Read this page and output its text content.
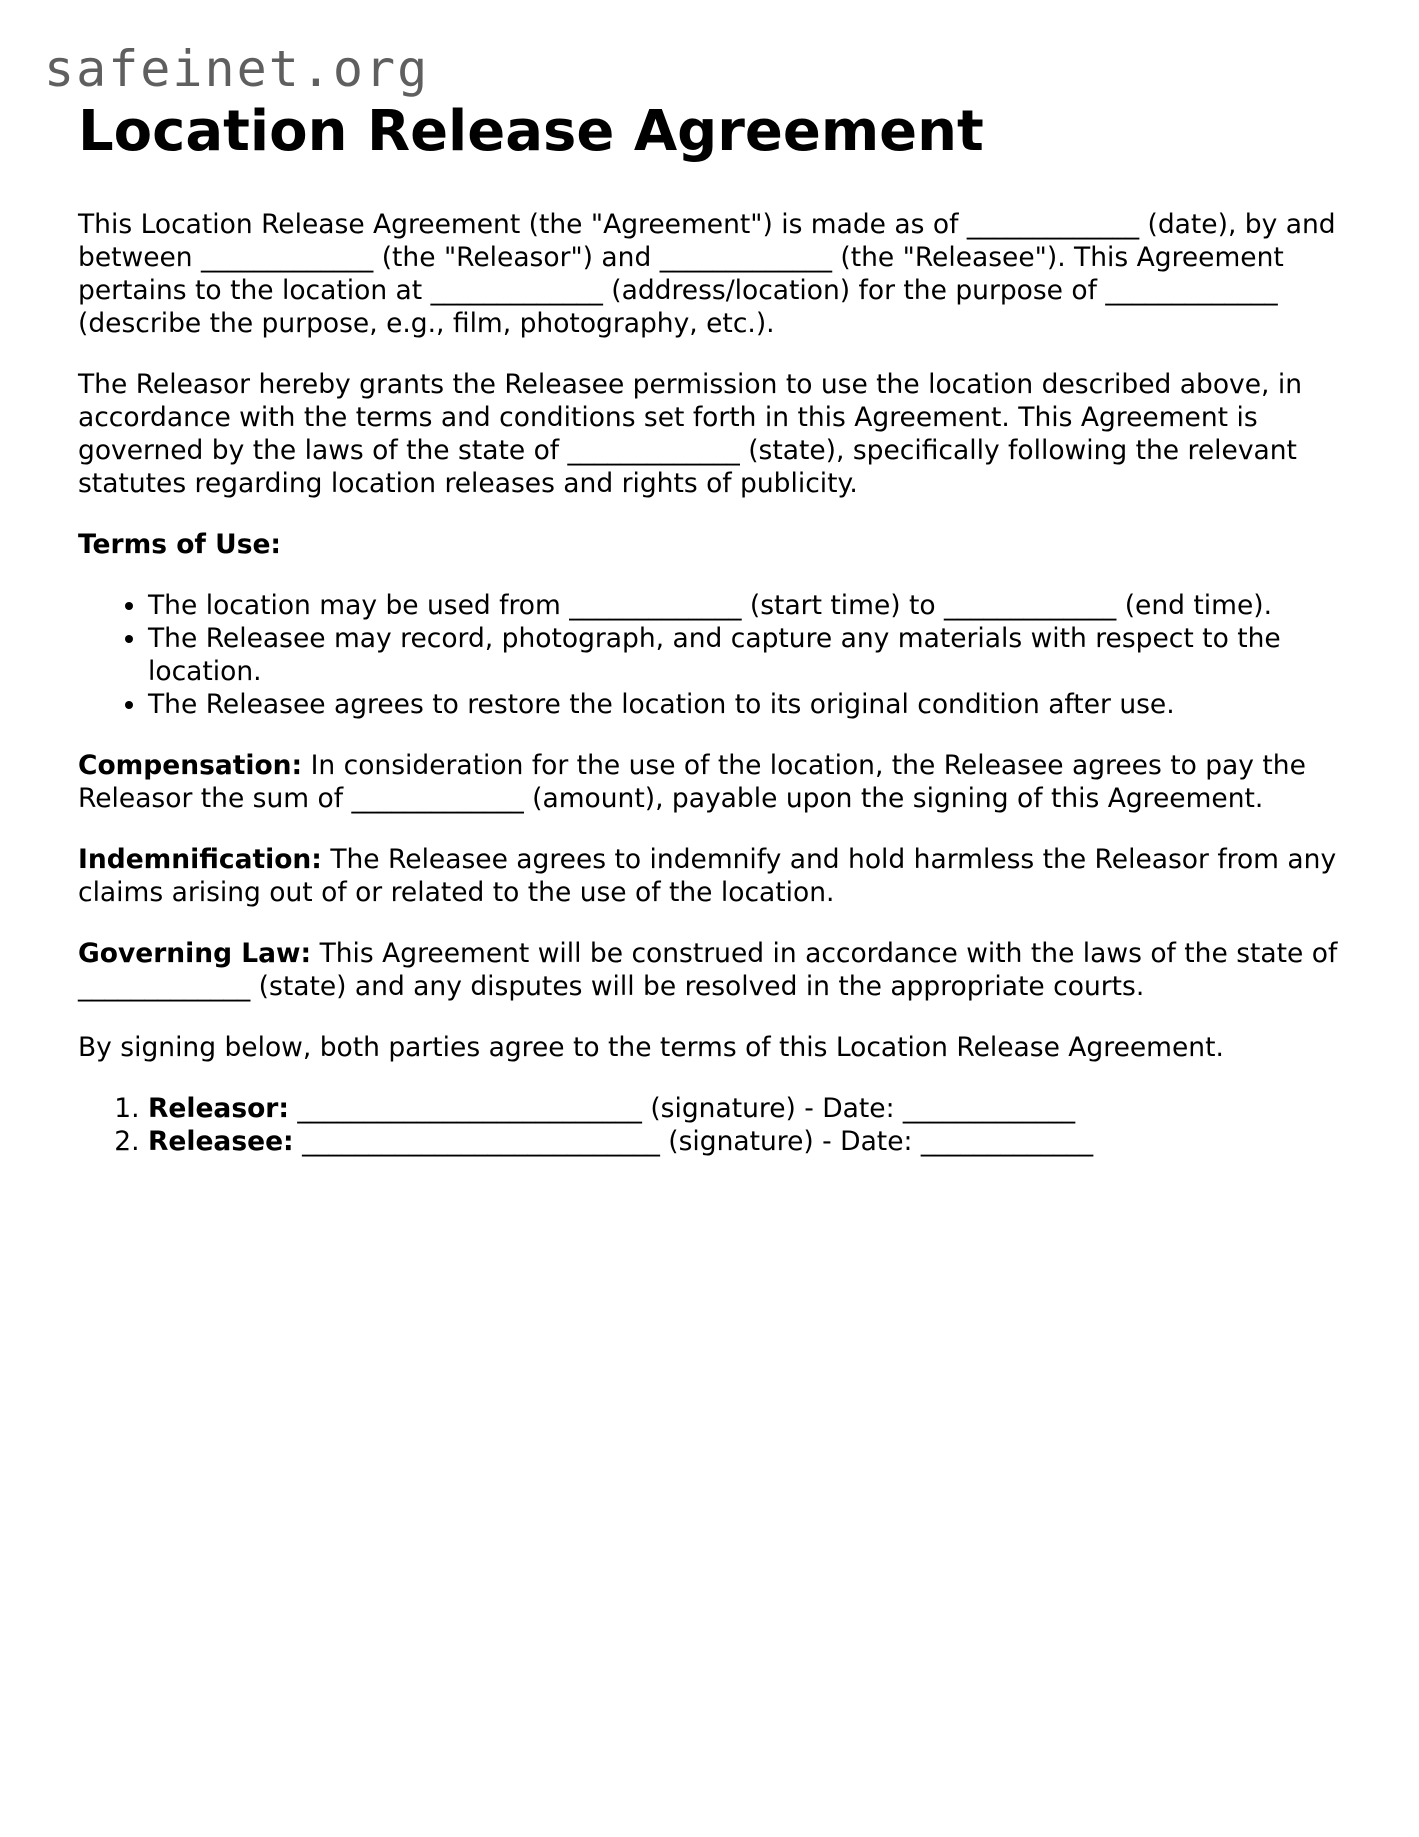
safeinet.org
Location Release Agreement

This Location Release Agreement (the "Agreement") is made as of _____________ (date), by and between _____________ (the "Releasor") and _____________ (the "Releasee"). This Agreement pertains to the location at _____________ (address/location) for the purpose of _____________ (describe the purpose, e.g., film, photography, etc.).

The Releasor hereby grants the Releasee permission to use the location described above, in accordance with the terms and conditions set forth in this Agreement. This Agreement is governed by the laws of the state of _____________ (state), specifically following the relevant statutes regarding location releases and rights of publicity.

Terms of Use:

• The location may be used from _____________ (start time) to _____________ (end time).
• The Releasee may record, photograph, and capture any materials with respect to the location.
• The Releasee agrees to restore the location to its original condition after use.

Compensation: In consideration for the use of the location, the Releasee agrees to pay the Releasor the sum of _____________ (amount), payable upon the signing of this Agreement.

Indemnification: The Releasee agrees to indemnify and hold harmless the Releasor from any claims arising out of or related to the use of the location.

Governing Law: This Agreement will be construed in accordance with the laws of the state of _____________ (state) and any disputes will be resolved in the appropriate courts.

By signing below, both parties agree to the terms of this Location Release Agreement.

1. Releasor: __________________________ (signature) - Date: _____________
2. Releasee: ___________________________ (signature) - Date: _____________
